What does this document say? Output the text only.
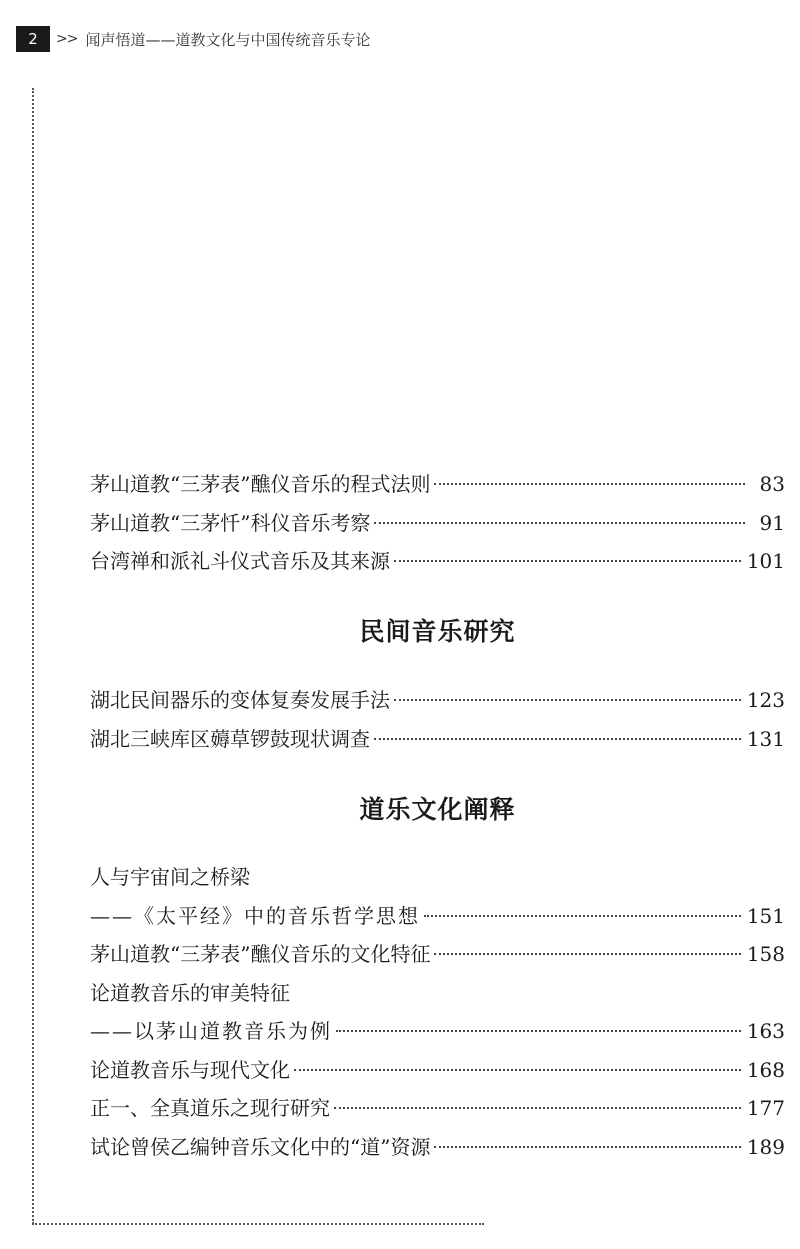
2	>> 闻声悟道——道教文化与中国传统音乐专论
茅山道教“三茅表”醮仪音乐的程式法则	83
茅山道教“三茅忏”科仪音乐考察	91
台湾禅和派礼斗仪式音乐及其来源	101
民间音乐研究
湖北民间器乐的变体复奏发展手法	123
湖北三峡库区薅草锣鼓现状调查	131
道乐文化阐释
人与宇宙间之桥梁
——《太平经》中的音乐哲学思想	151
茅山道教“三茅表”醮仪音乐的文化特征	158
论道教音乐的审美特征
——以茅山道教音乐为例	163
论道教音乐与现代文化	168
正一、全真道乐之现行研究	177
试论曾侯乙编钟音乐文化中的“道”资源	189
